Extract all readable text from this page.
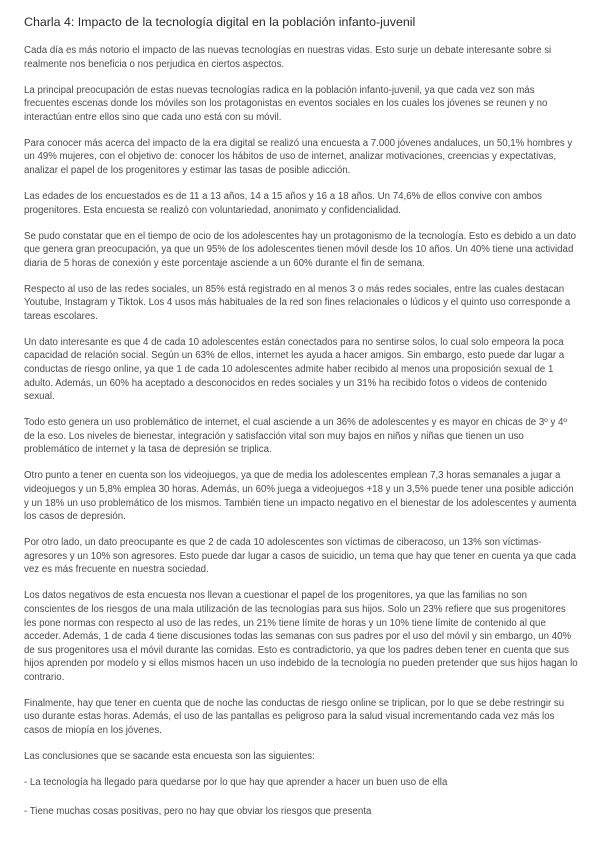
Charla 4: Impacto de la tecnología digital en la población infanto-juvenil

Cada día es más notorio el impacto de las nuevas tecnologías en nuestras vidas. Esto surje un debate interesante sobre si realmente nos beneficia o nos perjudica en ciertos aspectos.

La principal preocupación de estas nuevas tecnologías radica en la población infanto-juvenil, ya que cada vez son más frecuentes escenas donde los móviles son los protagonistas en eventos sociales en los cuales los jóvenes se reunen y no interactúan entre ellos sino que cada uno está con su móvil.

Para conocer más acerca del impacto de la era digital se realizó una encuesta a 7.000 jóvenes andaluces, un 50,1% hombres y un 49% mujeres, con el objetivo de: conocer los hábitos de uso de internet, analizar motivaciones, creencias y expectativas, analizar el papel de los progenitores y estimar las tasas de posible adicción.

Las edades de los encuestados es de 11 a 13 años, 14 a 15 años y 16 a 18 años. Un 74,6% de ellos convive con ambos progenitores. Esta encuesta se realizó con voluntariedad, anonimato y confidencialidad.

Se pudo constatar que en el tiempo de ocio de los adolescentes hay un protagonismo de la tecnología. Esto es debido a un dato que genera gran preocupación, ya que un 95% de los adolescentes tienen móvil desde los 10 años. Un 40% tiene una actividad diaria de 5 horas de conexión y este porcentaje asciende a un 60% durante el fin de semana.

Respecto al uso de las redes sociales, un 85% está registrado en al menos 3 o más redes sociales, entre las cuales destacan Youtube, Instagram y Tiktok. Los 4 usos más habituales de la red son fines relacionales o lúdicos y el quinto uso corresponde a tareas escolares.

Un dato interesante es que 4 de cada 10 adolescentes están conectados para no sentirse solos, lo cual solo empeora la poca capacidad de relación social. Según un 63% de ellos, internet les ayuda a hacer amigos. Sin embargo, esto puede dar lugar a conductas de riesgo online, ya que 1 de cada 10 adolescentes admite haber recibido al menos una proposición sexual de 1 adulto. Además, un 60% ha aceptado a desconocidos en redes sociales y un 31% ha recibido fotos o videos de contenido sexual.

Todo esto genera un uso problemático de internet, el cual asciende a un 36% de adolescentes y es mayor en chicas de 3º y 4º de la eso. Los niveles de bienestar, integración y satisfacción vital son muy bajos en niños y niñas que tienen un uso problemático de internet y la tasa de depresión se triplica.

Otro punto a tener en cuenta son los videojuegos, ya que de media los adolescentes emplean 7,3 horas semanales a jugar a videojuegos y un 5,8% emplea 30 horas. Además, un 60% juega a videojuegos +18 y un 3,5% puede tener una posible adicción y un 18% un uso problemático de los mismos. También tiene un impacto negativo en el bienestar de los adolescentes y aumenta los casos de depresión.

Por otro lado, un dato preocupante es que 2 de cada 10 adolescentes son víctimas de ciberacoso, un 13% son víctimas-agresores y un 10% son agresores. Esto puede dar lugar a casos de suicidio, un tema que hay que tener en cuenta ya que cada vez es más frecuente en nuestra sociedad.

Los datos negativos de esta encuesta nos llevan a cuestionar el papel de los progenitores, ya que las familias no son conscientes de los riesgos de una mala utilización de las tecnologías para sus hijos. Solo un 23% refiere que sus progenitores les pone normas con respecto al uso de las redes, un 21% tiene límite de horas y un 10% tiene límite de contenido al que acceder. Además, 1 de cada 4 tiene discusiones todas las semanas con sus padres por el uso del móvil y sin embargo, un 40% de sus progenitores usa el móvil durante las comidas. Esto es contradictorio, ya que los padres deben tener en cuenta que sus hijos aprenden por modelo y si ellos mismos hacen un uso indebido de la tecnología no pueden pretender que sus hijos hagan lo contrario.

Finalmente, hay que tener en cuenta que de noche las conductas de riesgo online se triplican, por lo que se debe restringir su uso durante estas horas. Además, el uso de las pantallas es peligroso para la salud visual incrementando cada vez más los casos de miopía en los jóvenes.

Las conclusiones que se sacande esta encuesta son las siguientes:

- La tecnología ha llegado para quedarse por lo que hay que aprender a hacer un buen uso de ella

- Tiene muchas cosas positivas, pero no hay que obviar los riesgos que presenta
